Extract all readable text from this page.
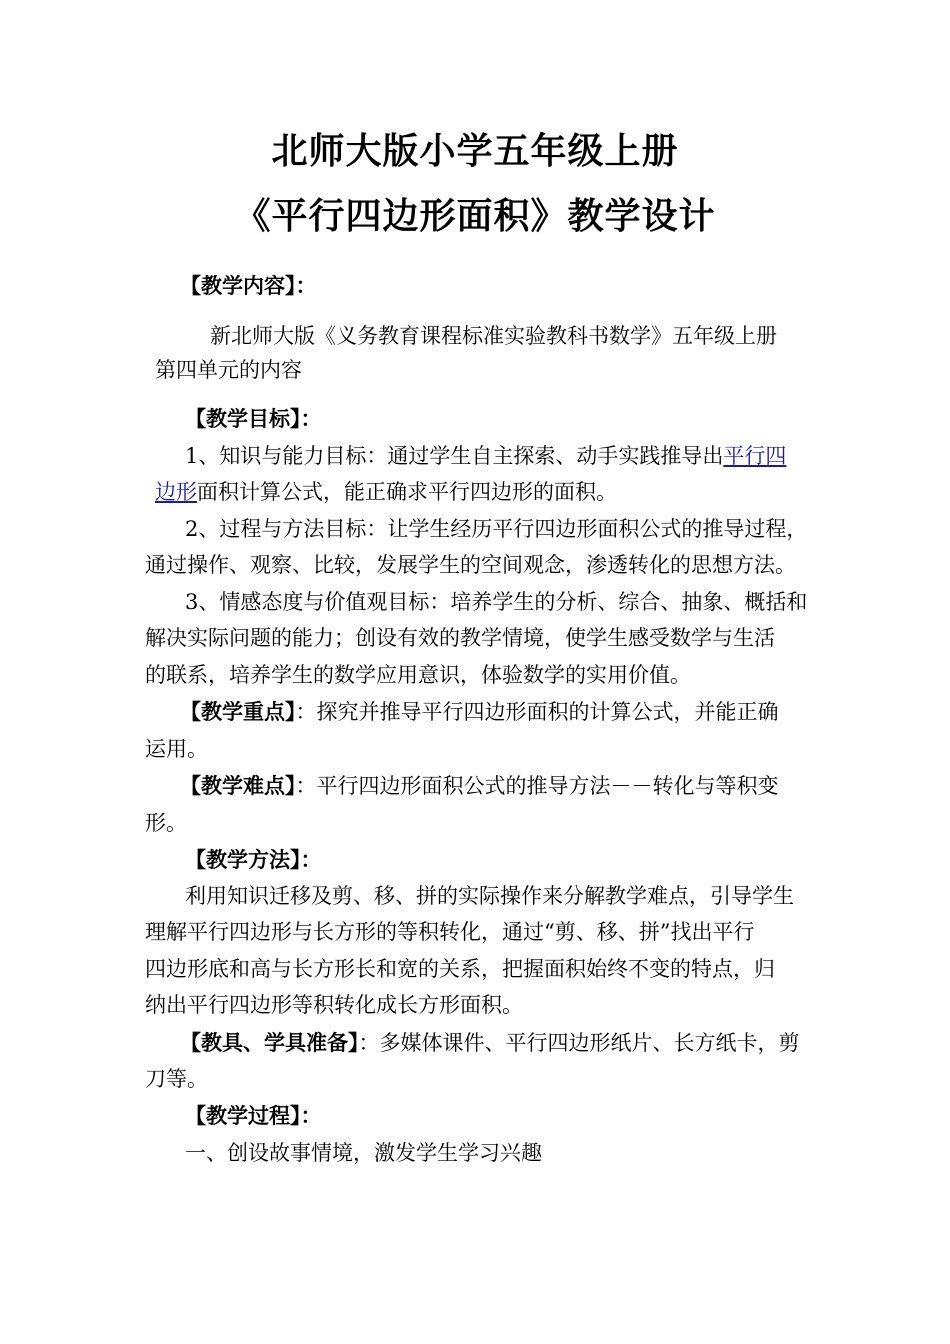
北师大版小学五年级上册
《平行四边形面积》教学设计
【教学内容】：
新北师大版《义务教育课程标准实验教科书数学》五年级上册
第四单元的内容
【教学目标】：
1、知识与能力目标：通过学生自主探索、动手实践推导出平行四
边形面积计算公式，能正确求平行四边形的面积。
2、过程与方法目标：让学生经历平行四边形面积公式的推导过程，
通过操作、观察、比较，发展学生的空间观念，渗透转化的思想方法。
3、情感态度与价值观目标：培养学生的分析、综合、抽象、概括和
解决实际问题的能力；创设有效的教学情境，使学生感受数学与生活
的联系，培养学生的数学应用意识，体验数学的实用价值。
【教学重点】：探究并推导平行四边形面积的计算公式，并能正确
运用。
【教学难点】：平行四边形面积公式的推导方法－－转化与等积变
形。
【教学方法】：
利用知识迁移及剪、移、拼的实际操作来分解教学难点，引导学生
理解平行四边形与长方形的等积转化，通过“剪、移、拼”找出平行
四边形底和高与长方形长和宽的关系，把握面积始终不变的特点，归
纳出平行四边形等积转化成长方形面积。
【教具、学具准备】：多媒体课件、平行四边形纸片、长方纸卡，剪
刀等。
【教学过程】：
一、创设故事情境，激发学生学习兴趣
